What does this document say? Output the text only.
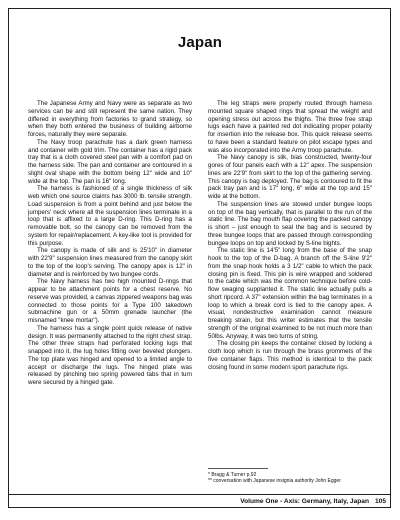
Japan

The Japanese Army and Navy were as separate as two services can be and still represent the same nation. They differed in everything from factories to grand strategy, so when they both entered the business of building airborne forces, naturally they were separate.

The Navy troop parachute has a dark green harness and container with gold trim. The container has a rigid pack tray that is a cloth covered steel pan with a comfort pad on the harness side. The pan and container are contoured in a slight oval shape with the bottom being 12" wide and 10" wide at the top. The pan is 16" long.

The harness is fashioned of a single thickness of silk web which one source claims has 3000 lb. tensile strength. Load suspension is from a point behind and just below the jumpers' neck where all the suspension lines terminate in a loop that is affixed to a large D-ring. This D-ring has a removable bolt, so the canopy can be removed from the system for repair/replacement. A key-like tool is provided for this purpose.

The canopy is made of silk and is 25'10" in diameter with 22'9" suspension lines measured from the canopy skirt to the top of the loop's serving. The canopy apex is 12" in diameter and is reinforced by two bungee cords.

The Navy harness has two high mounted D-rings that appear to be attachment points for a chest reserve. No reserve was provided, a canvas zippered weapons bag was connected to those points for a Type 100 takedown submachine gun or a 50mm grenade launcher (the misnamed "knee mortar").

The harness has a single point quick release of native design. It was permanently attached to the right chest strap. The other three straps had perforated locking lugs that snapped into it, the lug holes fitting over beveled plungers. The top plate was hinged and opened to a limited angle to accept or discharge the lugs. The hinged plate was released by pinching two spring powered tabs that in turn were secured by a hinged gate.

The leg straps were properly routed through harness mounted square shaped rings that spread the weight and opening stress out across the thighs. The three free strap lugs each have a painted red dot indicating proper polarity for insertion into the release box. This quick release seems to have been a standard feature on pilot escape types and was also incorporated into the Army troop parachute.

The Navy canopy is silk, bias constructed, twenty-four gores of four panels each with a 12" apex. The suspension lines are 22'9" from skirt to the top of the gathering serving. This canopy is bag deployed. The bag is contoured to fit the pack tray pan and is 17" long, 6" wide at the top and 15" wide at the bottom.

The suspension lines are stowed under bungee loops on top of the bag vertically, that is parallel to the run of the static line. The bag mouth flap covering the packed canopy is short – just enough to seal the bag and is secured by three bungee loops that are passed through corresponding bungee loops on top and locked by S-line bights.

The static line is 14'5" long from the base of the snap hook to the top of the D-bag. A branch off the S-line 9'2" from the snap hook holds a 3 1/2" cable to which the pack closing pin is fixed. This pin is wire wrapped and soldered to the cable which was the common technique before cold-flow swaging supplanted it. The static line actually pulls a short ripcord. A 37" extension within the bag terminates in a loop to which a break cord is tied to the canopy apex. A visual, nondestructive examination cannot measure breaking strain, but this writer estimates that the tensile strength of the original examined to be not much more than 50lbs. Anyway, it was two turns of string.

The closing pin keeps the container closed by locking a cloth loop which is run through the brass grommets of the five container flaps. This method is identical to the pack closing found in some modern sport parachute rigs.

* Bragg & Turner p.92
** conversation with Japanese insignia authority John Egger
Volume One - Axis: Germany, Italy, Japan 105
